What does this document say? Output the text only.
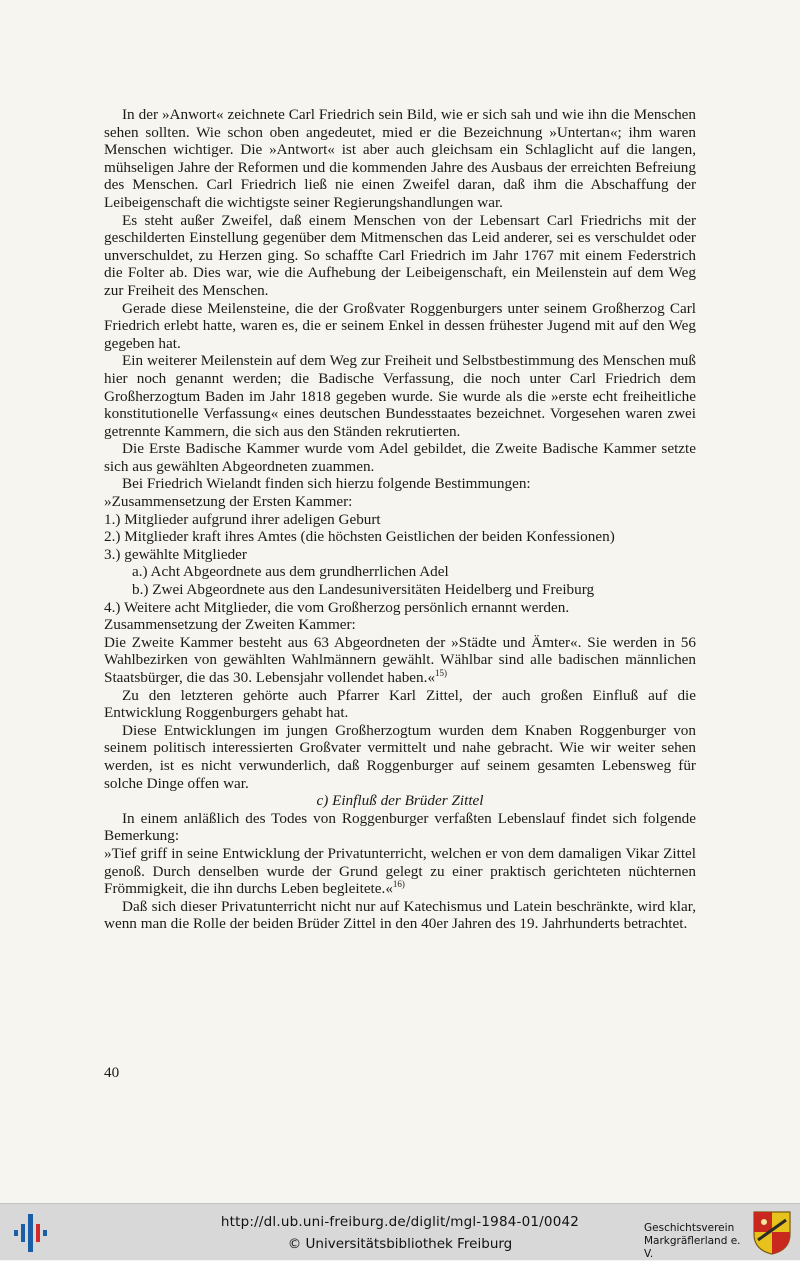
In der »Anwort« zeichnete Carl Friedrich sein Bild, wie er sich sah und wie ihn die Menschen sehen sollten. Wie schon oben angedeutet, mied er die Bezeichnung »Untertan«; ihm waren Menschen wichtiger. Die »Antwort« ist aber auch gleichsam ein Schlaglicht auf die langen, mühseligen Jahre der Reformen und die kommenden Jahre des Ausbaus der erreichten Befreiung des Menschen. Carl Friedrich ließ nie einen Zweifel daran, daß ihm die Abschaffung der Leibeigenschaft die wichtigste seiner Regierungshandlungen war.

Es steht außer Zweifel, daß einem Menschen von der Lebensart Carl Friedrichs mit der geschilderten Einstellung gegenüber dem Mitmenschen das Leid anderer, sei es verschuldet oder unverschuldet, zu Herzen ging. So schaffte Carl Friedrich im Jahr 1767 mit einem Federstrich die Folter ab. Dies war, wie die Aufhebung der Leibeigenschaft, ein Meilenstein auf dem Weg zur Freiheit des Menschen.

Gerade diese Meilensteine, die der Großvater Roggenburgers unter seinem Großherzog Carl Friedrich erlebt hatte, waren es, die er seinem Enkel in dessen frühester Jugend mit auf den Weg gegeben hat.

Ein weiterer Meilenstein auf dem Weg zur Freiheit und Selbstbestimmung des Menschen muß hier noch genannt werden; die Badische Verfassung, die noch unter Carl Friedrich dem Großherzogtum Baden im Jahr 1818 gegeben wurde. Sie wurde als die »erste echt freiheitliche konstitutionelle Verfassung« eines deutschen Bundesstaates bezeichnet. Vorgesehen waren zwei getrennte Kammern, die sich aus den Ständen rekrutierten.

Die Erste Badische Kammer wurde vom Adel gebildet, die Zweite Badische Kammer setzte sich aus gewählten Abgeordneten zuammen.

Bei Friedrich Wielandt finden sich hierzu folgende Bestimmungen:

»Zusammensetzung der Ersten Kammer:

1.) Mitglieder aufgrund ihrer adeligen Geburt

2.) Mitglieder kraft ihres Amtes (die höchsten Geistlichen der beiden Konfessionen)

3.) gewählte Mitglieder

a.) Acht Abgeordnete aus dem grundherrlichen Adel

b.) Zwei Abgeordnete aus den Landesuniversitäten Heidelberg und Freiburg

4.) Weitere acht Mitglieder, die vom Großherzog persönlich ernannt werden.

Zusammensetzung der Zweiten Kammer:

Die Zweite Kammer besteht aus 63 Abgeordneten der »Städte und Ämter«. Sie werden in 56 Wahlbezirken von gewählten Wahlmännern gewählt. Wählbar sind alle badischen männlichen Staatsbürger, die das 30. Lebensjahr vollendet haben.«$^{15)}$

Zu den letzteren gehörte auch Pfarrer Karl Zittel, der auch großen Einfluß auf die Entwicklung Roggenburgers gehabt hat.

Diese Entwicklungen im jungen Großherzogtum wurden dem Knaben Roggenburger von seinem politisch interessierten Großvater vermittelt und nahe gebracht. Wie wir weiter sehen werden, ist es nicht verwunderlich, daß Roggenburger auf seinem gesamten Lebensweg für solche Dinge offen war.

c) Einfluß der Brüder Zittel

In einem anläßlich des Todes von Roggenburger verfaßten Lebenslauf findet sich folgende Bemerkung:

»Tief griff in seine Entwicklung der Privatunterricht, welchen er von dem damaligen Vikar Zittel genoß. Durch denselben wurde der Grund gelegt zu einer praktisch gerichteten nüchternen Frömmigkeit, die ihn durchs Leben begleitete.«$^{16)}$

Daß sich dieser Privatunterricht nicht nur auf Katechismus und Latein beschränkte, wird klar, wenn man die Rolle der beiden Brüder Zittel in den 40er Jahren des 19. Jahrhunderts betrachtet.

40
http://dl.ub.uni-freiburg.de/diglit/mgl-1984-01/0042
© Universitätsbibliothek Freiburg
Geschichtsverein
Markgräflerland e. V.
